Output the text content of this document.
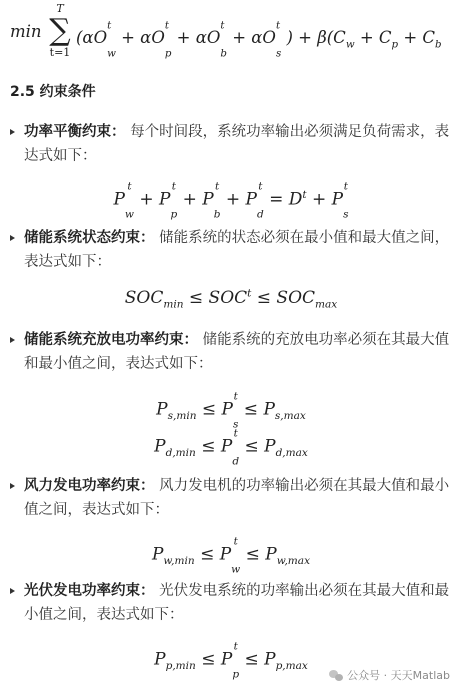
min
T
∑
t=1
(αO
$^t$
$_w$
+ αO
$^t$
$_p$
+ αO
$^t$
$_b$
+ αO
$^t$
$_s$
) + $\beta(C_w + C_p + C_b$
2.5 约束条件
功率平衡约束： 每个时间段，系统功率输出必须满足负荷需求，表达式如下：
P
$^t$
$_w$
+ P
$^t$
$_p$
+ P
$^t$
$_b$
+ P
$^t$
$_d$
= $D^t + P$
$^t$
$_s$
储能系统状态约束： 储能系统的状态必须在最小值和最大值之间，表达式如下：
$SOC_{min} \le SOC^t \le SOC_{max}$
储能系统充放电功率约束： 储能系统的充放电功率必须在其最大值和最小值之间，表达式如下：
$P_{s,min} \le P$
$^t$
$_s$
≤ $P_{s,max}$
$P_{d,min} \le P$
$^t$
$_d$
≤ $P_{d,max}$
风力发电功率约束： 风力发电机的功率输出必须在其最大值和最小值之间，表达式如下：
$P_{w,min} \le P$
$^t$
$_w$
≤ $P_{w,max}$
光伏发电功率约束： 光伏发电系统的功率输出必须在其最大值和最小值之间，表达式如下：
$P_{p,min} \le P$
$^t$
$_p$
≤ $P_{p,max}$
公众号 · 天天Matlab
